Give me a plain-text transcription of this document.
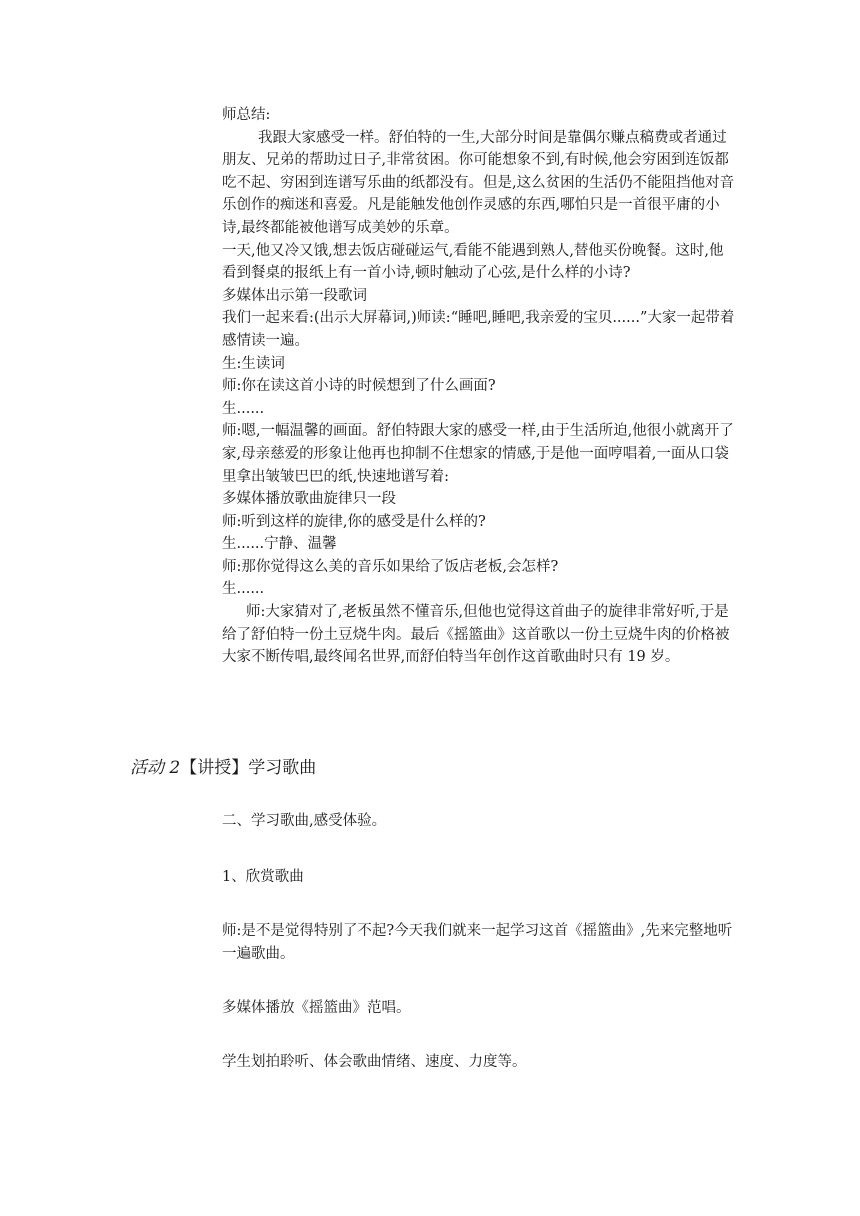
师总结:

我跟大家感受一样。舒伯特的一生,大部分时间是靠偶尔赚点稿费或者通过朋友、兄弟的帮助过日子,非常贫困。你可能想象不到,有时候,他会穷困到连饭都吃不起、穷困到连谱写乐曲的纸都没有。但是,这么贫困的生活仍不能阻挡他对音乐创作的痴迷和喜爱。凡是能触发他创作灵感的东西,哪怕只是一首很平庸的小诗,最终都能被他谱写成美妙的乐章。

一天,他又冷又饿,想去饭店碰碰运气,看能不能遇到熟人,替他买份晚餐。这时,他看到餐桌的报纸上有一首小诗,顿时触动了心弦,是什么样的小诗?

多媒体出示第一段歌词

我们一起来看:(出示大屏幕词,)师读:“睡吧,睡吧,我亲爱的宝贝......”大家一起带着感情读一遍。

生:生读词

师:你在读这首小诗的时候想到了什么画面?

生......

师:嗯,一幅温馨的画面。舒伯特跟大家的感受一样,由于生活所迫,他很小就离开了家,母亲慈爱的形象让他再也抑制不住想家的情感,于是他一面哼唱着,一面从口袋里拿出皱皱巴巴的纸,快速地谱写着:

多媒体播放歌曲旋律只一段

师:听到这样的旋律,你的感受是什么样的?

生......宁静、温馨

师:那你觉得这么美的音乐如果给了饭店老板,会怎样?

生......

师:大家猜对了,老板虽然不懂音乐,但他也觉得这首曲子的旋律非常好听,于是给了舒伯特一份土豆烧牛肉。最后《摇篮曲》这首歌以一份土豆烧牛肉的价格被大家不断传唱,最终闻名世界,而舒伯特当年创作这首歌曲时只有 19 岁。

活动 2【讲授】学习歌曲

二、学习歌曲,感受体验。

1、欣赏歌曲

师:是不是觉得特别了不起?今天我们就来一起学习这首《摇篮曲》,先来完整地听一遍歌曲。

多媒体播放《摇篮曲》范唱。

学生划拍聆听、体会歌曲情绪、速度、力度等。
